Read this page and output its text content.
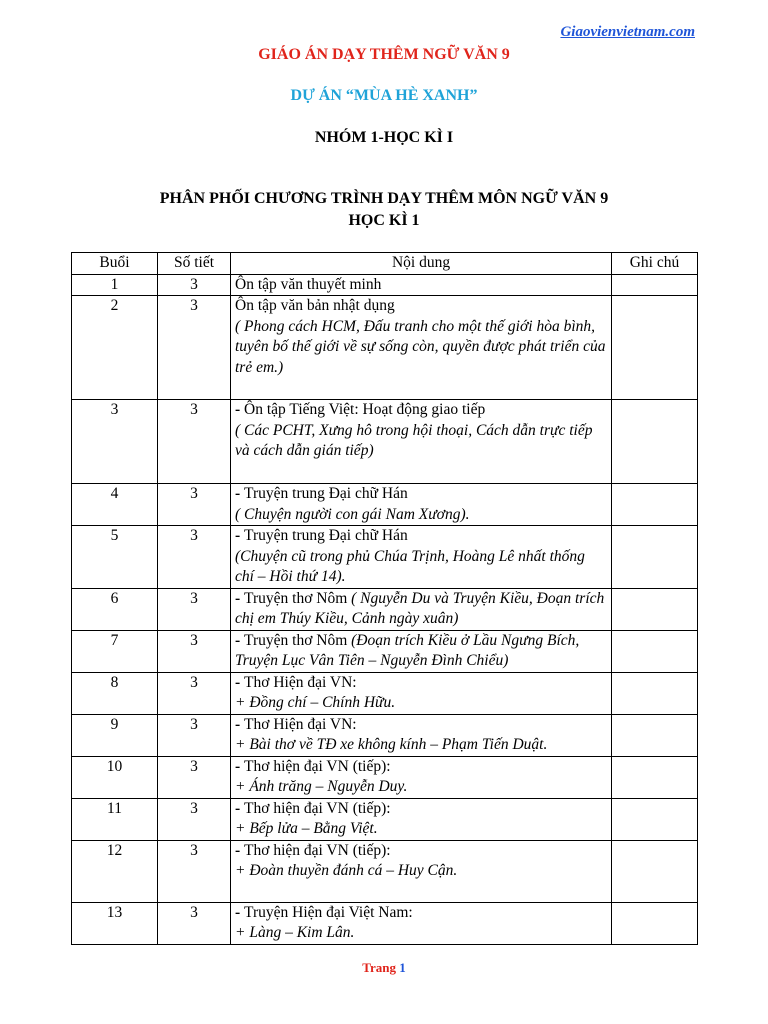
Giaovienvietnam.com
GIÁO ÁN DẠY THÊM NGỮ VĂN 9
DỰ ÁN “MÙA HÈ XANH”
NHÓM 1-HỌC KÌ I
PHÂN PHỐI CHƯƠNG TRÌNH DẠY THÊM MÔN NGỮ VĂN 9
HỌC KÌ 1
Buổi	Số tiết	Nội dung	Ghi chú
1	3	Ôn tập văn thuyết minh

2	3	Ôn tập văn bản nhật dụng
( Phong cách HCM, Đấu tranh cho một thế giới hòa bình, tuyên bố thế giới về sự sống còn, quyền được phát triển của trẻ em.)	
3	3	- Ôn tập Tiếng Việt: Hoạt động giao tiếp
( Các PCHT, Xưng hô trong hội thoại, Cách dẫn trực tiếp và cách dẫn gián tiếp)	
4	3	- Truyện trung Đại chữ Hán
( Chuyện người con gái Nam Xương).	
5	3	- Truyện trung Đại chữ Hán
(Chuyện cũ trong phủ Chúa Trịnh, Hoàng Lê nhất thống chí – Hồi thứ 14).	
6	3	- Truyện thơ Nôm ( Nguyễn Du và Truyện Kiều, Đoạn trích chị em Thúy Kiều, Cảnh ngày xuân)	
7	3	- Truyện thơ Nôm (Đoạn trích Kiều ở Lầu Ngưng Bích, Truyện Lục Vân Tiên – Nguyễn Đình Chiểu)	
8	3	- Thơ Hiện đại VN:
+ Đồng chí – Chính Hữu.	
9	3	- Thơ Hiện đại VN:
+ Bài thơ về TĐ xe không kính – Phạm Tiến Duật.	
10	3	- Thơ hiện đại VN (tiếp):
+ Ánh trăng – Nguyễn Duy.	
11	3	- Thơ hiện đại VN (tiếp):
+ Bếp lửa – Bằng Việt.	
12	3	- Thơ hiện đại VN (tiếp):
+ Đoàn thuyền đánh cá – Huy Cận.	
13	3	- Truyện Hiện đại Việt Nam:
+ Làng – Kim Lân.	
Trang 1
